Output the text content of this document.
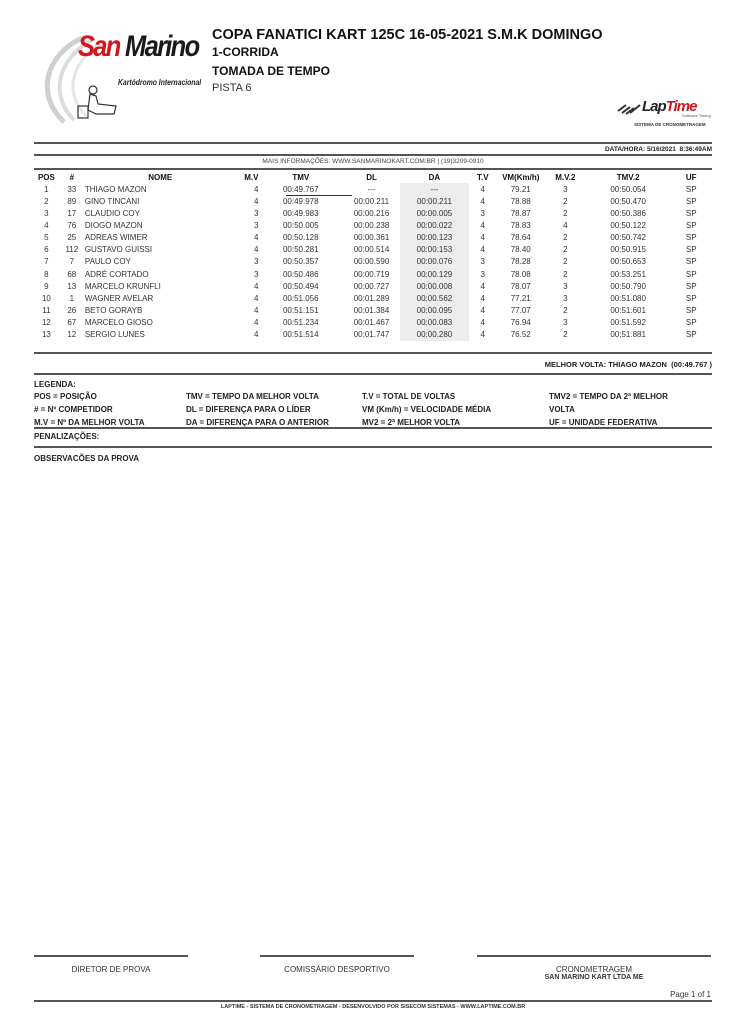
San Marino
Kartódromo Internacional
COPA FANATICI KART 125C 16-05-2021 S.M.K DOMINGO
1-CORRIDA
TOMADA DE TEMPO
PISTA 6
LapTime
Software Timing
SISTEMA DE CRONOMETRAGEM
DATA/HORA: 5/16/2021  8:36:49AM
MAIS INFORMAÇÕES: WWW.SANMARINOKART.COM.BR | (19)3209-0910
POS	#	NOME	M.V	TMV	DL	DA	T.V	VM(Km/h)	M.V.2	TMV.2	UF
1	33	THIAGO MAZON	4	00:49.767	---	---	4	79.21	3	00:50.054	SP
2	89	GINO TINCANI	4	00:49.978	00:00.211	00:00.211	4	78.88	2	00:50.470	SP
3	17	CLAUDIO COY	3	00:49.983	00:00.216	00:00.005	3	78.87	2	00:50.386	SP
4	76	DIOGO MAZON	3	00:50.005	00:00.238	00:00.022	4	78.83	4	00:50.122	SP
5	25	ADREAS WIMER	4	00:50.128	00:00.361	00:00.123	4	78.64	2	00:50.742	SP
6	112	GUSTAVO GUISSI	4	00:50.281	00:00.514	00:00.153	4	78.40	2	00:50.915	SP
7	7	PAULO COY	3	00:50.357	00:00.590	00:00.076	3	78.28	2	00:50.653	SP
8	68	ADRÉ CORTADO	3	00:50.486	00:00.719	00:00.129	3	78.08	2	00:53.251	SP
9	13	MARCELO KRUNFLI	4	00:50.494	00:00.727	00:00.008	4	78.07	3	00:50.790	SP
10	1	WAGNER AVELAR	4	00:51.056	00:01.289	00:00.562	4	77.21	3	00:51.080	SP
11	26	BETO GORAYB	4	00:51.151	00:01.384	00:00.095	4	77.07	2	00:51.601	SP
12	67	MARCELO GIOSO	4	00:51.234	00:01.467	00:00.083	4	76.94	3	00:51.592	SP
13	12	SERGIO LUNES	4	00:51.514	00:01.747	00:00.280	4	76.52	2	00:51.881	SP
MELHOR VOLTA: THIAGO MAZON  (00:49.767 )
LEGENDA:
POS = POSIÇÃO	TMV = TEMPO DA MELHOR VOLTA	T.V = TOTAL DE VOLTAS	TMV2 = TEMPO DA 2ª MELHOR
# = Nº COMPETIDOR	DL = DIFERENÇA PARA O LÍDER	VM (Km/h) = VELOCIDADE MÉDIA	VOLTA
M.V = Nº DA MELHOR VOLTA	DA = DIFERENÇA PARA O ANTERIOR	MV2 = 2ª MELHOR VOLTA	UF = UNIDADE FEDERATIVA
PENALIZAÇÕES:
OBSERVACÕES DA PROVA
DIRETOR DE PROVA	COMISSÁRIO DESPORTIVO	CRONOMETRAGEM
SAN MARINO KART LTDA ME
Page 1 of 1
LAPTIME - SISTEMA DE CRONOMETRAGEM - DESENVOLVIDO POR SISECOM SISTEMAS - WWW.LAPTIME.COM.BR
